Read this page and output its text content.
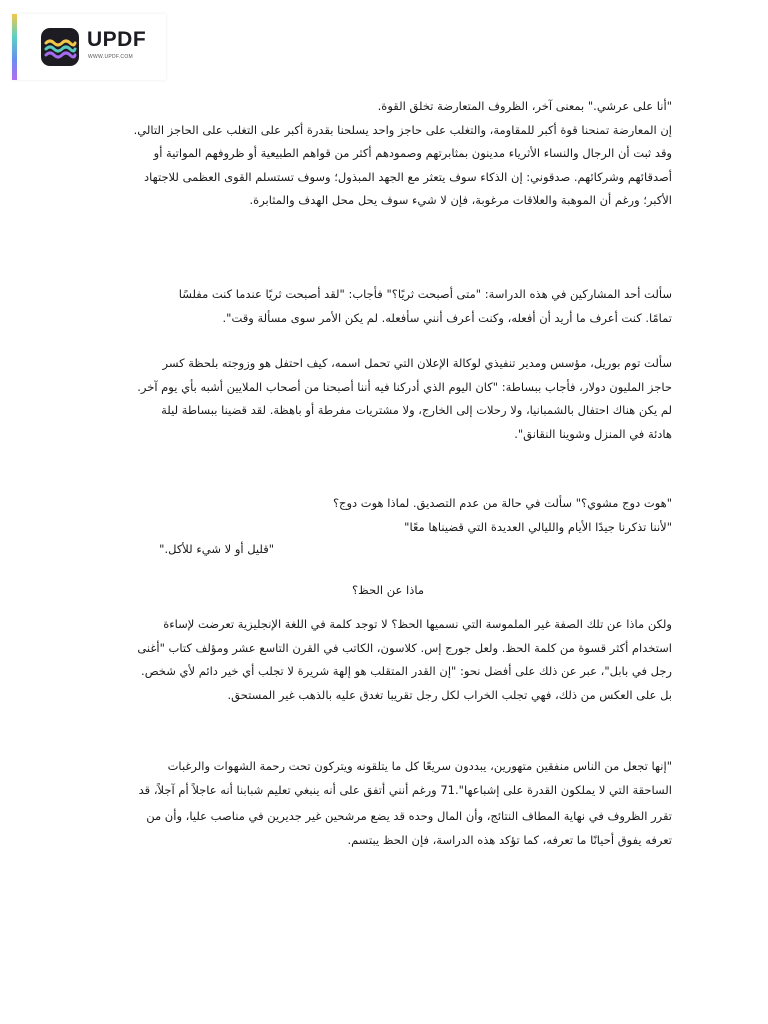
UPDF
WWW.UPDF.COM
"أنا على عرشي." بمعنى آخر، الظروف المتعارضة تخلق القوة.
إن المعارضة تمنحنا قوة أكبر للمقاومة، والتغلب على حاجز واحد يسلحنا بقدرة أكبر على التغلب على الحاجز التالي.
وقد ثبت أن الرجال والنساء الأثرياء مدينون بمثابرتهم وصمودهم أكثر من قواهم الطبيعية أو ظروفهم المواتية أو
أصدقائهم وشركائهم. صدقوني: إن الذكاء سوف يتعثر مع الجهد المبذول؛ وسوف تستسلم القوى العظمى للاجتهاد
الأكبر؛ ورغم أن الموهبة والعلاقات مرغوبة، فإن لا شيء سوف يحل محل الهدف والمثابرة.
سألت أحد المشاركين في هذه الدراسة: "متى أصبحت ثريًا؟" فأجاب: "لقد أصبحت ثريًا عندما كنت مفلسًا
تمامًا. كنت أعرف ما أريد أن أفعله، وكنت أعرف أنني سأفعله. لم يكن الأمر سوى مسألة وقت".
سألت توم بوريل، مؤسس ومدير تنفيذي لوكالة الإعلان التي تحمل اسمه، كيف احتفل هو وزوجته بلحظة كسر
حاجز المليون دولار، فأجاب ببساطة: "كان اليوم الذي أدركنا فيه أننا أصبحنا من أصحاب الملايين أشبه بأي يوم آخر.
لم يكن هناك احتفال بالشمبانيا، ولا رحلات إلى الخارج، ولا مشتريات مفرطة أو باهظة. لقد قضينا ببساطة ليلة
هادئة في المنزل وشوينا النقانق".
"هوت دوج مشوي؟" سألت في حالة من عدم التصديق. لماذا هوت دوج؟
"لأننا تذكرنا جيدًا الأيام والليالي العديدة التي قضيناها معًا"
"قليل أو لا شيء للأكل."
ماذا عن الحظ؟
ولكن ماذا عن تلك الصفة غير الملموسة التي نسميها الحظ؟ لا توجد كلمة في اللغة الإنجليزية تعرضت لإساءة
استخدام أكثر قسوة من كلمة الحظ. ولعل جورج إس. كلاسون، الكاتب في القرن التاسع عشر ومؤلف كتاب "أغنى
رجل في بابل"، عبر عن ذلك على أفضل نحو: "إن القدر المتقلب هو إلهة شريرة لا تجلب أي خير دائم لأي شخص.
بل على العكس من ذلك، فهي تجلب الخراب لكل رجل تقريبا تغدق عليه بالذهب غير المستحق.
"إنها تجعل من الناس منفقين متهورين، يبددون سريعًا كل ما يتلقونه ويتركون تحت رحمة الشهوات والرغبات
الساحقة التي لا يملكون القدرة على إشباعها".71 ورغم أنني أتفق على أنه ينبغي تعليم شبابنا أنه عاجلاً أم آجلاً، قد
تقرر الظروف في نهاية المطاف النتائج، وأن المال وحده قد يضع مرشحين غير جديرين في مناصب عليا، وأن من
تعرفه يفوق أحيانًا ما تعرفه، كما تؤكد هذه الدراسة، فإن الحظ يبتسم.
